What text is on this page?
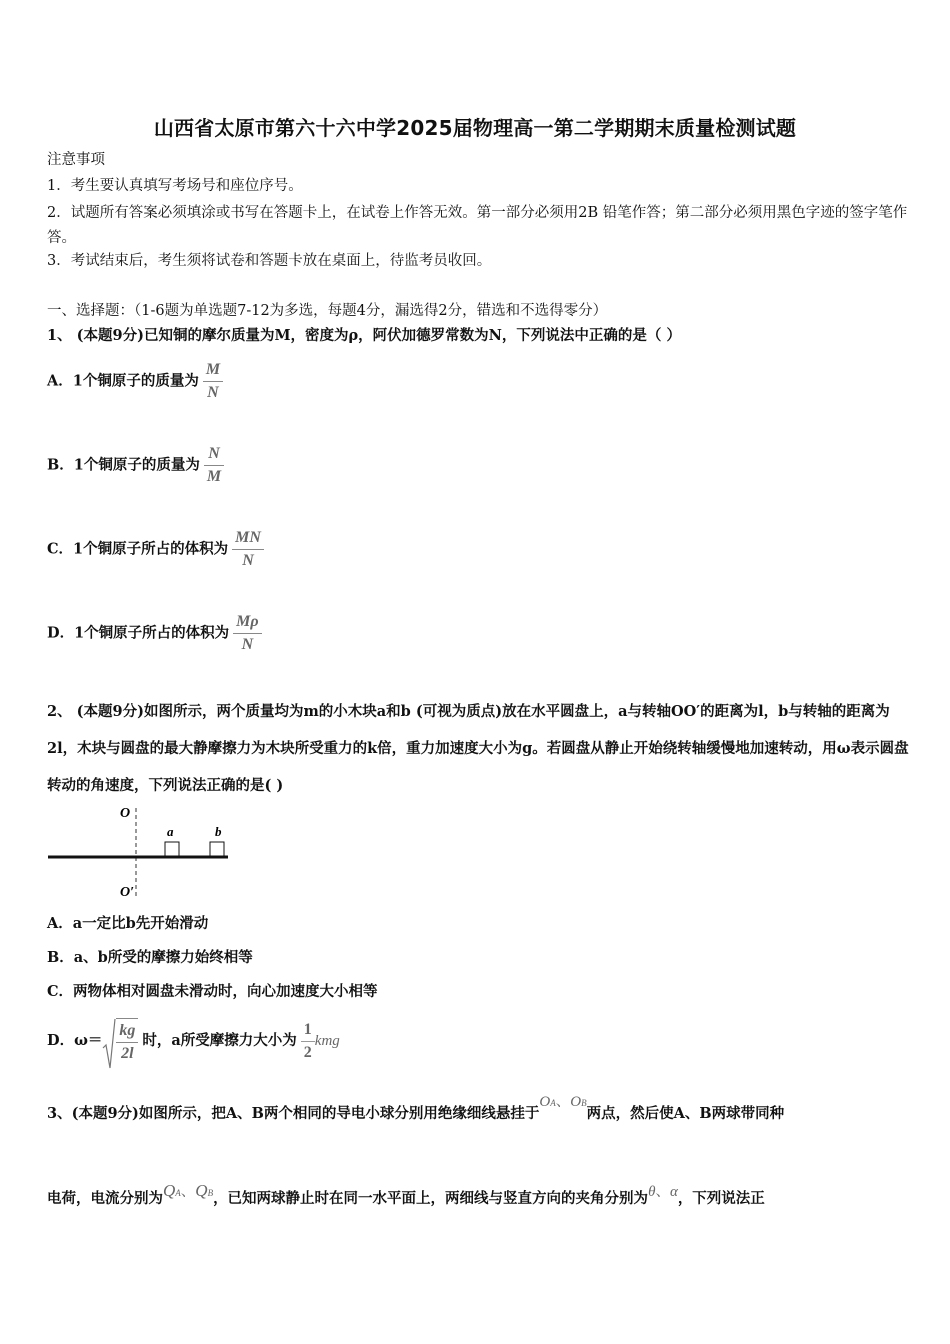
山西省太原市第六十六中学2025届物理高一第二学期期末质量检测试题
注意事项
1．考生要认真填写考场号和座位序号。
2．试题所有答案必须填涂或书写在答题卡上，在试卷上作答无效。第一部分必须用2B 铅笔作答；第二部分必须用黑色字迹的签字笔作答。
3．考试结束后，考生须将试卷和答题卡放在桌面上，待监考员收回。
一、选择题：（1-6题为单选题7-12为多选，每题4分，漏选得2分，错选和不选得零分）
1、 (本题9分)已知铜的摩尔质量为M，密度为ρ，阿伏加德罗常数为N，下列说法中正确的是（ ）
A．1个铜原子的质量为 $\frac{M}{N}$
B．1个铜原子的质量为 $\frac{N}{M}$
C．1个铜原子所占的体积为 $\frac{MN}{N}$
D．1个铜原子所占的体积为 $\frac{M\rho}{N}$
2、 (本题9分)如图所示，两个质量均为m的小木块a和b (可视为质点)放在水平圆盘上，a与转轴OO′的距离为l，b与转轴的距离为2l，木块与圆盘的最大静摩擦力为木块所受重力的k倍，重力加速度大小为g。若圆盘从静止开始绕转轴缓慢地加速转动，用ω表示圆盘转动的角速度，下列说法正确的是( )
O
a	b
O′
A．a一定比b先开始滑动
B．a、b所受的摩擦力始终相等
C．两物体相对圆盘未滑动时，向心加速度大小相等
D．$\omega= \frac{kg}{2l}$ 时，a所受摩擦力大小为 $\frac{1}{2}$ kmg
3、(本题9分)如图所示，把A、B两个相同的导电小球分别用绝缘细线悬挂于OA、OB两点，然后使A、B两球带同种
电荷，电流分别为QA、QB，已知两球静止时在同一水平面上，两细线与竖直方向的夹角分别为θ、α，下列说法正
